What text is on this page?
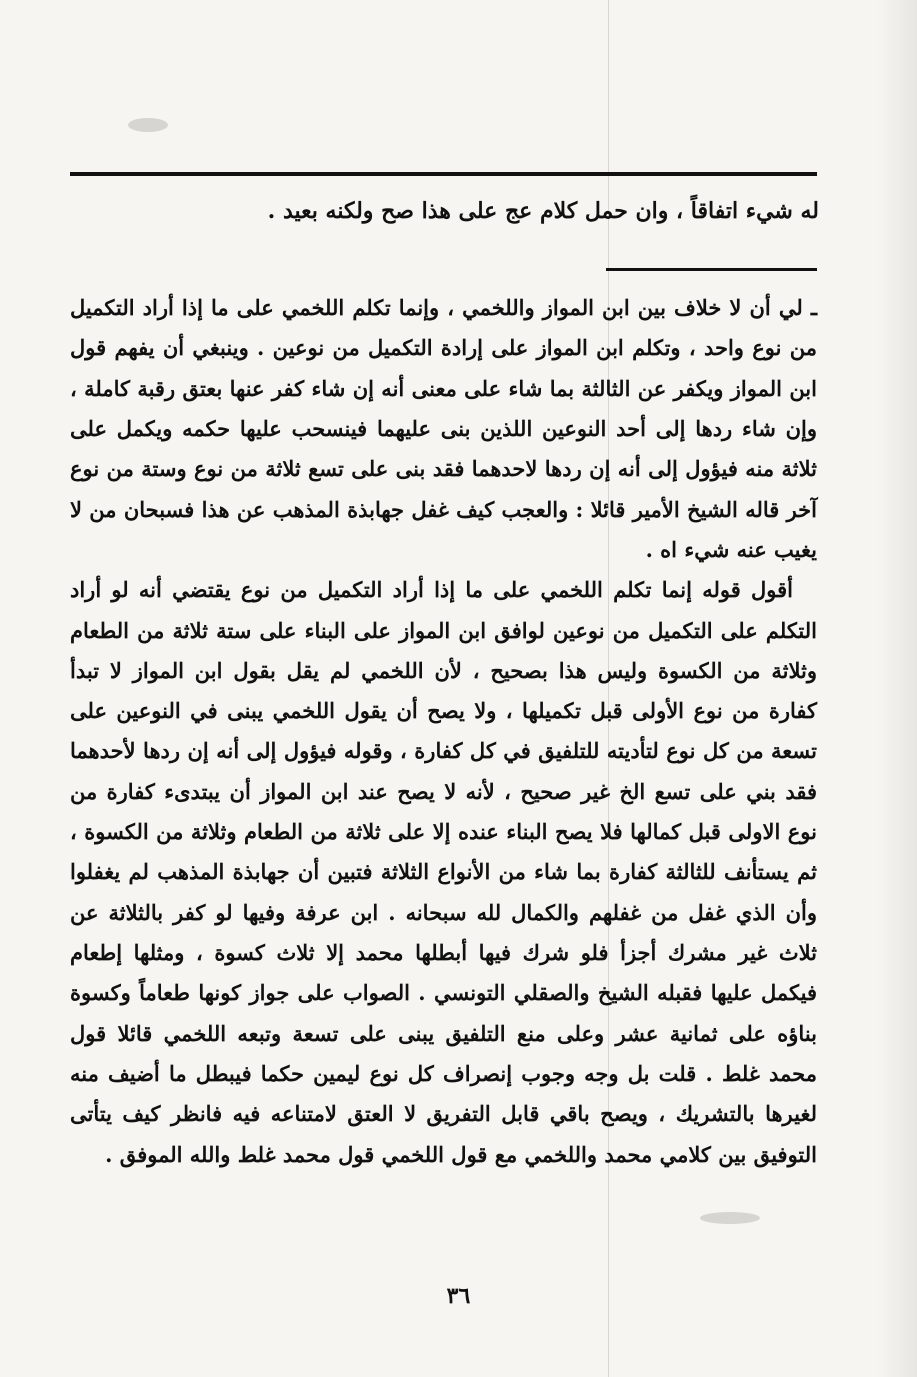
له شيء اتفاقاً ، وان حمل كلام عج على هذا صح ولكنه بعيد .

ـ لي أن لا خلاف بين ابن المواز واللخمي ، وإنما تكلم اللخمي على ما إذا أراد التكميل من نوع واحد ، وتكلم ابن المواز على إرادة التكميل من نوعين . وينبغي أن يفهم قول ابن المواز ويكفر عن الثالثة بما شاء على معنى أنه إن شاء كفر عنها بعتق رقبة كاملة ، وإن شاء ردها إلى أحد النوعين اللذين بنى عليهما فينسحب عليها حكمه ويكمل على ثلاثة منه فيؤول إلى أنه إن ردها لاحدهما فقد بنى على تسع ثلاثة من نوع وستة من نوع آخر قاله الشيخ الأمير قائلا : والعجب كيف غفل جهابذة المذهب عن هذا فسبحان من لا يغيب عنه شيء اه .

أقول قوله إنما تكلم اللخمي على ما إذا أراد التكميل من نوع يقتضي أنه لو أراد التكلم على التكميل من نوعين لوافق ابن المواز على البناء على ستة ثلاثة من الطعام وثلاثة من الكسوة وليس هذا بصحيح ، لأن اللخمي لم يقل بقول ابن المواز لا تبدأ كفارة من نوع الأولى قبل تكميلها ، ولا يصح أن يقول اللخمي يبنى في النوعين على تسعة من كل نوع لتأديته للتلفيق في كل كفارة ، وقوله فيؤول إلى أنه إن ردها لأحدهما فقد بني على تسع الخ غير صحيح ، لأنه لا يصح عند ابن المواز أن يبتدىء كفارة من نوع الاولى قبل كمالها فلا يصح البناء عنده إلا على ثلاثة من الطعام وثلاثة من الكسوة ، ثم يستأنف للثالثة كفارة بما شاء من الأنواع الثلاثة فتبين أن جهابذة المذهب لم يغفلوا وأن الذي غفل من غفلهم والكمال لله سبحانه . ابن عرفة وفيها لو كفر بالثلاثة عن ثلاث غير مشرك أجزأ فلو شرك فيها أبطلها محمد إلا ثلاث كسوة ، ومثلها إطعام فيكمل عليها فقبله الشيخ والصقلي التونسي . الصواب على جواز كونها طعاماً وكسوة بناؤه على ثمانية عشر وعلى منع التلفيق يبنى على تسعة وتبعه اللخمي قائلا قول محمد غلط . قلت بل وجه وجوب إنصراف كل نوع ليمين حكما فيبطل ما أضيف منه لغيرها بالتشريك ، ويصح باقي قابل التفريق لا العتق لامتناعه فيه فانظر كيف يتأتى التوفيق بين كلامي محمد واللخمي مع قول اللخمي قول محمد غلط والله الموفق .

٣٦
